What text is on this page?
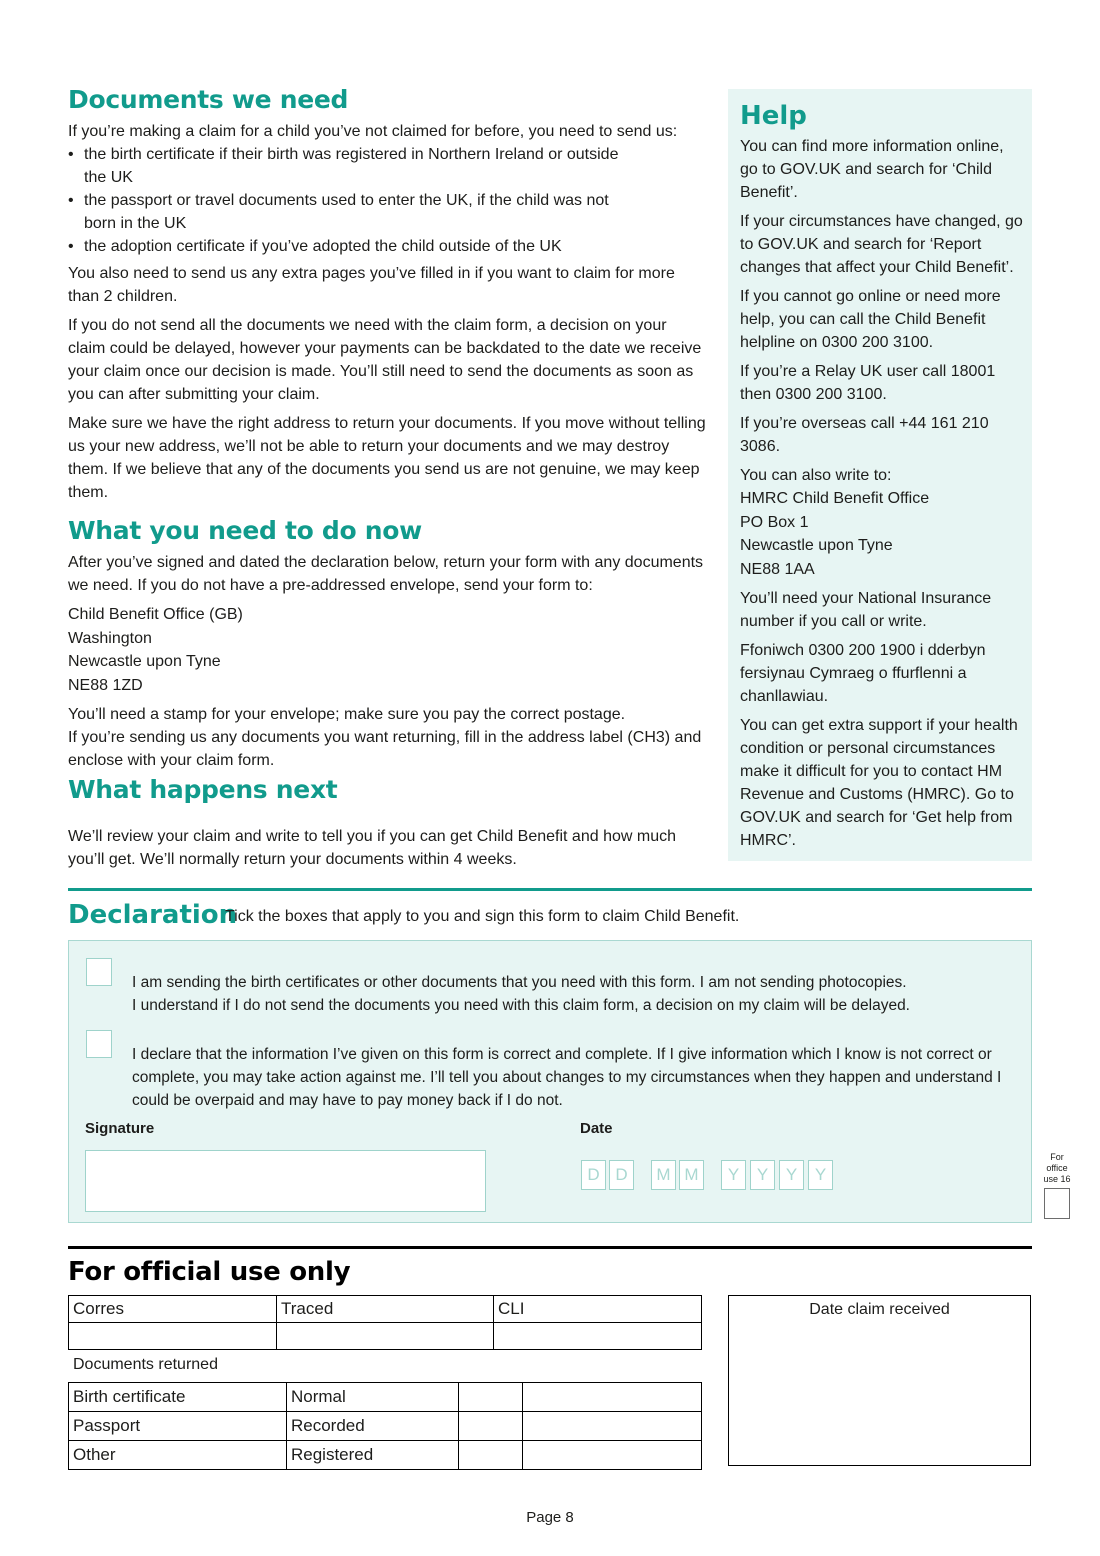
Documents we need

If you’re making a claim for a child you’ve not claimed for before, you need to send us:

• the birth certificate if their birth was registered in Northern Ireland or outside the UK
• the passport or travel documents used to enter the UK, if the child was not born in the UK
• the adoption certificate if you’ve adopted the child outside of the UK

You also need to send us any extra pages you’ve filled in if you want to claim for more than 2 children.

If you do not send all the documents we need with the claim form, a decision on your claim could be delayed, however your payments can be backdated to the date we receive your claim once our decision is made. You’ll still need to send the documents as soon as you can after submitting your claim.

Make sure we have the right address to return your documents. If you move without telling us your new address, we’ll not be able to return your documents and we may destroy them. If we believe that any of the documents you send us are not genuine, we may keep them.

What you need to do now

After you’ve signed and dated the declaration below, return your form with any documents we need. If you do not have a pre-addressed envelope, send your form to:

Child Benefit Office (GB)
Washington
Newcastle upon Tyne
NE88 1ZD

You’ll need a stamp for your envelope; make sure you pay the correct postage.

If you’re sending us any documents you want returning, fill in the address label (CH3) and enclose with your claim form.

What happens next

We’ll review your claim and write to tell you if you can get Child Benefit and how much you’ll get. We’ll normally return your documents within 4 weeks.

Help

You can find more information online, go to GOV.UK and search for ‘Child Benefit’.

If your circumstances have changed, go to GOV.UK and search for ‘Report changes that affect your Child Benefit’.

If you cannot go online or need more help, you can call the Child Benefit helpline on 0300 200 3100.

If you’re a Relay UK user call 18001 then 0300 200 3100.

If you’re overseas call +44 161 210 3086.

You can also write to:

HMRC Child Benefit Office
PO Box 1
Newcastle upon Tyne
NE88 1AA

You’ll need your National Insurance number if you call or write.

Ffoniwch 0300 200 1900 i dderbyn fersiynau Cymraeg o ffurflenni a chanllawiau.

You can get extra support if your health condition or personal circumstances make it difficult for you to contact HM Revenue and Customs (HMRC). Go to GOV.UK and search for ‘Get help from HMRC’.

Declaration
Tick the boxes that apply to you and sign this form to claim Child Benefit.

I am sending the birth certificates or other documents that you need with this form. I am not sending photocopies.

I understand if I do not send the documents you need with this claim form, a decision on my claim will be delayed.

I declare that the information I’ve given on this form is correct and complete. If I give information which I know is not correct or complete, you may take action against me. I’ll tell you about changes to my circumstances when they happen and understand I could be overpaid and may have to pay money back if I do not.

Signature	Date
D D	M M	Y	Y	Y	Y
For office use 16
For official use only
Corres	Traced	CLI

Documents returned
Birth certificate	Normal		
Passport	Recorded		
Other	Registered		
Date claim received
Page 8
